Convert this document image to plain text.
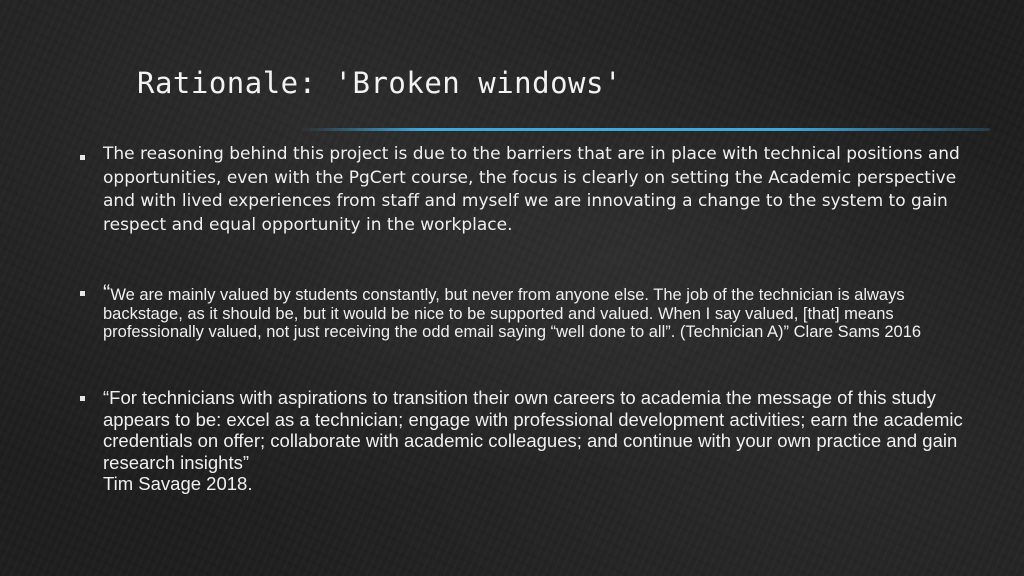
Rationale: 'Broken windows'

The reasoning behind this project is due to the barriers that are in place with technical positions and opportunities, even with the PgCert course, the focus is clearly on setting the Academic perspective and with lived experiences from staff and myself we are innovating a change to the system to gain respect and equal opportunity in the workplace.

“We are mainly valued by students constantly, but never from anyone else. The job of the technician is always backstage, as it should be, but it would be nice to be supported and valued. When I say valued, [that] means professionally valued, not just receiving the odd email saying “well done to all”. (Technician A)” Clare Sams 2016

“For technicians with aspirations to transition their own careers to academia the message of this study appears to be: excel as a technician; engage with professional development activities; earn the academic credentials on offer; collaborate with academic colleagues; and continue with your own practice and gain research insights”
Tim Savage 2018.
